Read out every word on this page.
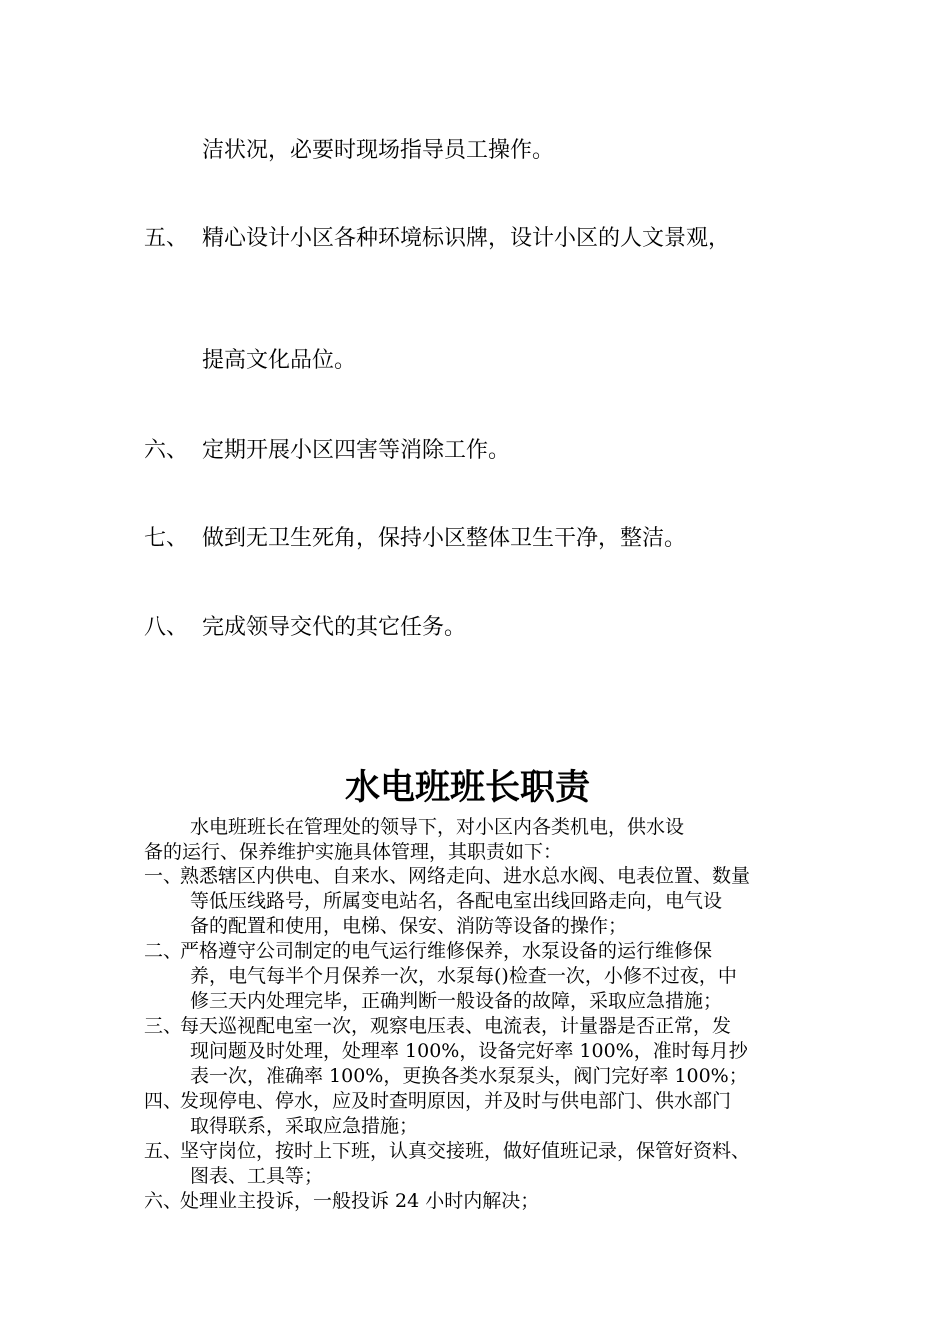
洁状况，必要时现场指导员工操作。
五、 精心设计小区各种环境标识牌，设计小区的人文景观，
提高文化品位。
六、 定期开展小区四害等消除工作。
七、 做到无卫生死角，保持小区整体卫生干净，整洁。
八、 完成领导交代的其它任务。
水电班班长职责

水电班班长在管理处的领导下，对小区内各类机电，供水设

备的运行、保养维护实施具体管理，其职责如下：

一、
熟悉辖区内供电、自来水、网络走向、进水总水阀、电表位置、数量
等低压线路号，所属变电站名，各配电室出线回路走向，电气设
备的配置和使用，电梯、保安、消防等设备的操作；
二、
严格遵守公司制定的电气运行维修保养，水泵设备的运行维修保
养，电气每半个月保养一次，水泵每()检查一次，小修不过夜，中
修三天内处理完毕，正确判断一般设备的故障，采取应急措施；
三、
每天巡视配电室一次，观察电压表、电流表，计量器是否正常，发
现问题及时处理，处理率 100%，设备完好率 100%，准时每月抄
表一次，准确率 100%，更换各类水泵泵头，阀门完好率 100%；
四、
发现停电、停水，应及时查明原因，并及时与供电部门、供水部门
取得联系，采取应急措施；
五、
坚守岗位，按时上下班，认真交接班，做好值班记录，保管好资料、
图表、工具等；
六、
处理业主投诉，一般投诉 24 小时内解决；
